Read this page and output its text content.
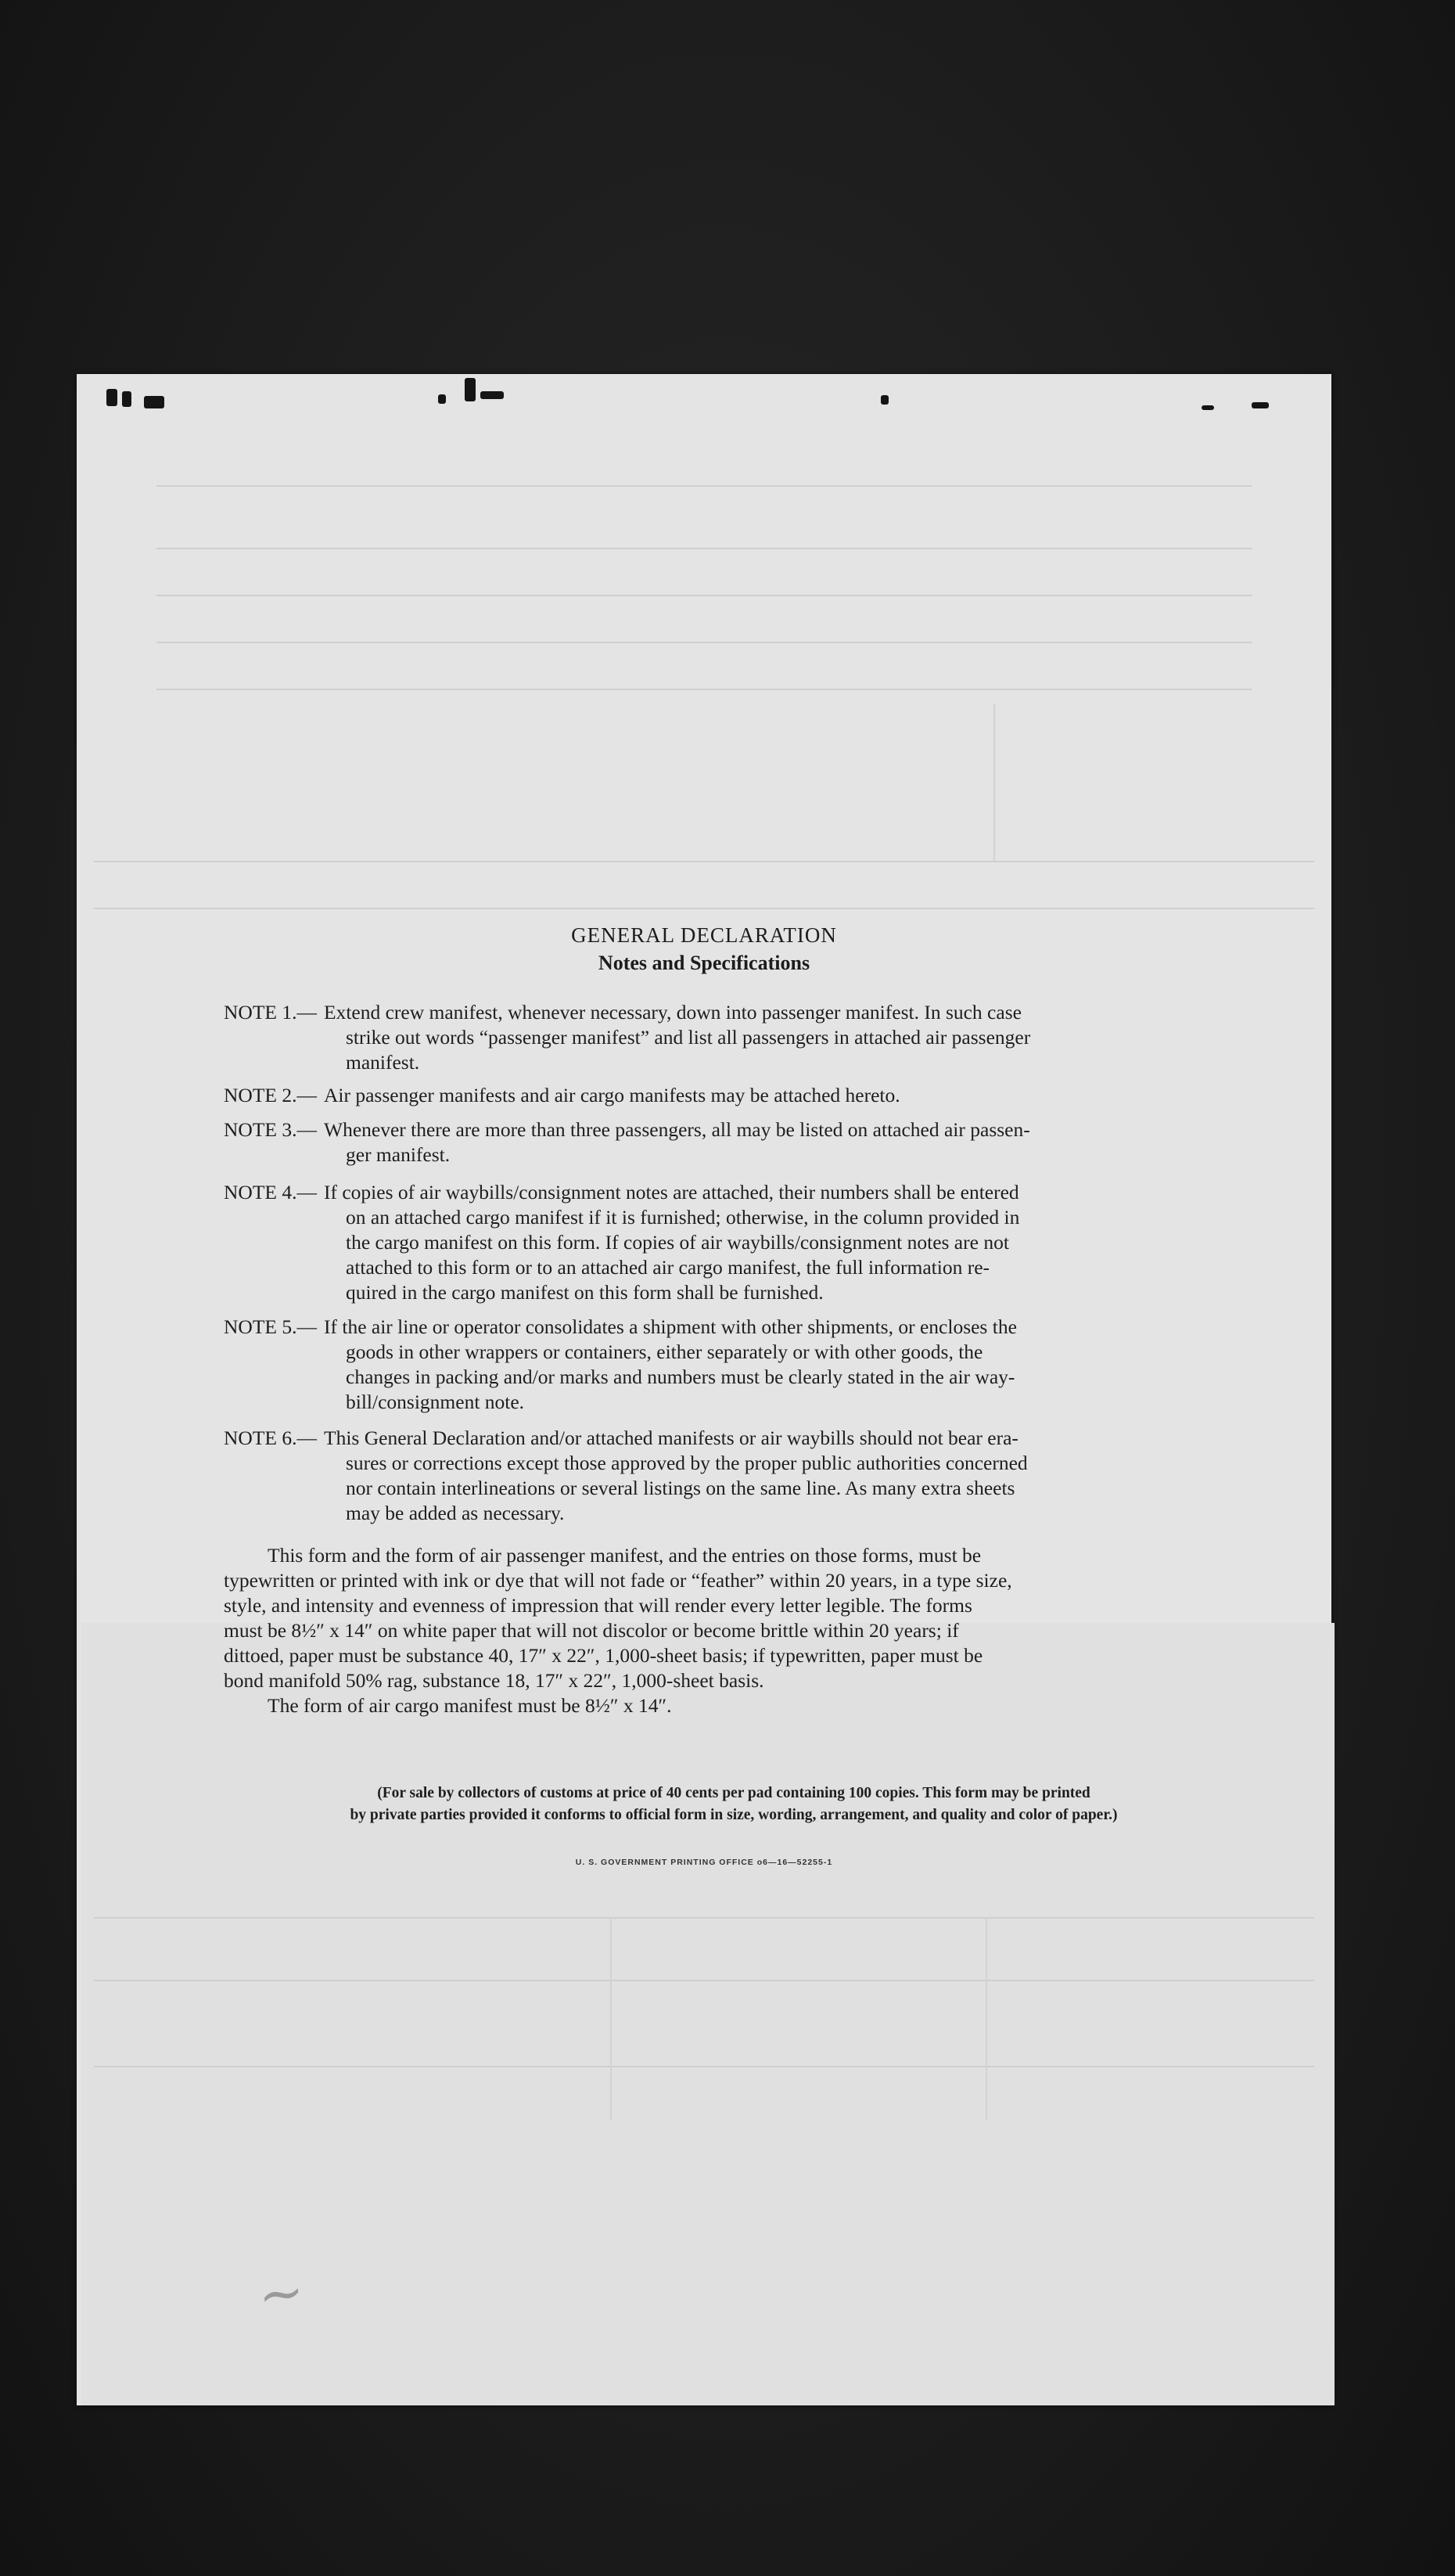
~
GENERAL DECLARATION
Notes and Specifications
NOTE 1.— Extend crew manifest, whenever necessary, down into passenger manifest. In such case
strike out words “passenger manifest” and list all passengers in attached air passenger
manifest.
NOTE 2.— Air passenger manifests and air cargo manifests may be attached hereto.
NOTE 3.— Whenever there are more than three passengers, all may be listed on attached air passen-
ger manifest.
NOTE 4.— If copies of air waybills/consignment notes are attached, their numbers shall be entered
on an attached cargo manifest if it is furnished; otherwise, in the column provided in
the cargo manifest on this form. If copies of air waybills/consignment notes are not
attached to this form or to an attached air cargo manifest, the full information re-
quired in the cargo manifest on this form shall be furnished.
NOTE 5.— If the air line or operator consolidates a shipment with other shipments, or encloses the
goods in other wrappers or containers, either separately or with other goods, the
changes in packing and/or marks and numbers must be clearly stated in the air way-
bill/consignment note.
NOTE 6.— This General Declaration and/or attached manifests or air waybills should not bear era-
sures or corrections except those approved by the proper public authorities concerned
nor contain interlineations or several listings on the same line. As many extra sheets
may be added as necessary.
This form and the form of air passenger manifest, and the entries on those forms, must be
typewritten or printed with ink or dye that will not fade or “feather” within 20 years, in a type size,
style, and intensity and evenness of impression that will render every letter legible. The forms
must be 8½″ x 14″ on white paper that will not discolor or become brittle within 20 years; if
dittoed, paper must be substance 40, 17″ x 22″, 1,000-sheet basis; if typewritten, paper must be
bond manifold 50% rag, substance 18, 17″ x 22″, 1,000-sheet basis.
The form of air cargo manifest must be 8½″ x 14″.
(For sale by collectors of customs at price of 40 cents per pad containing 100 copies. This form may be printed
by private parties provided it conforms to official form in size, wording, arrangement, and quality and color of paper.)
U. S. GOVERNMENT PRINTING OFFICE o6—16—52255-1
